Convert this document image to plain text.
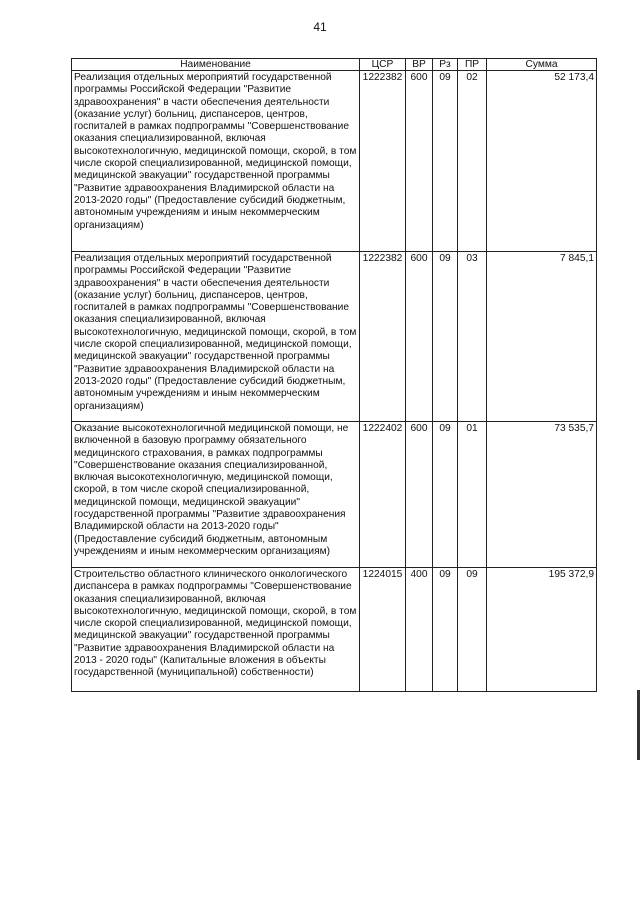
41
Наименование	ЦСР	ВР	Рз	ПР	Сумма
Реализация отдельных мероприятий государственной программы Российской Федерации "Развитие здравоохранения" в части обеспечения деятельности (оказание услуг) больниц, диспансеров, центров, госпиталей в рамках подпрограммы "Совершенствование оказания специализированной, включая высокотехнологичную, медицинской помощи, скорой, в том числе скорой специализированной, медицинской помощи, медицинской эвакуации" государственной программы "Развитие здравоохранения Владимирской области на 2013-2020 годы" (Предоставление субсидий бюджетным, автономным учреждениям и иным некоммерческим организациям)	1222382	600	09	02	52 173,4
Реализация отдельных мероприятий государственной программы Российской Федерации "Развитие здравоохранения" в части обеспечения деятельности (оказание услуг) больниц, диспансеров, центров, госпиталей в рамках подпрограммы "Совершенствование оказания специализированной, включая высокотехнологичную, медицинской помощи, скорой, в том числе скорой специализированной, медицинской помощи, медицинской эвакуации" государственной программы "Развитие здравоохранения Владимирской области на 2013-2020 годы" (Предоставление субсидий бюджетным, автономным учреждениям и иным некоммерческим организациям)	1222382	600	09	03	7 845,1
Оказание высокотехнологичной медицинской помощи, не включенной в базовую программу обязательного медицинского страхования, в рамках подпрограммы "Совершенствование оказания специализированной, включая высокотехнологичную, медицинской помощи, скорой, в том числе скорой специализированной, медицинской помощи, медицинской эвакуации" государственной программы "Развитие здравоохранения Владимирской области на 2013-2020 годы" (Предоставление субсидий бюджетным, автономным учреждениям и иным некоммерческим организациям)	1222402	600	09	01	73 535,7
Строительство областного клинического онкологического диспансера в рамках подпрограммы "Совершенствование оказания специализированной, включая высокотехнологичную, медицинской помощи, скорой, в том числе скорой специализированной, медицинской помощи, медицинской эвакуации" государственной программы "Развитие здравоохранения Владимирской области на 2013 - 2020 годы" (Капитальные вложения в объекты государственной (муниципальной) собственности)	1224015	400	09	09	195 372,9
